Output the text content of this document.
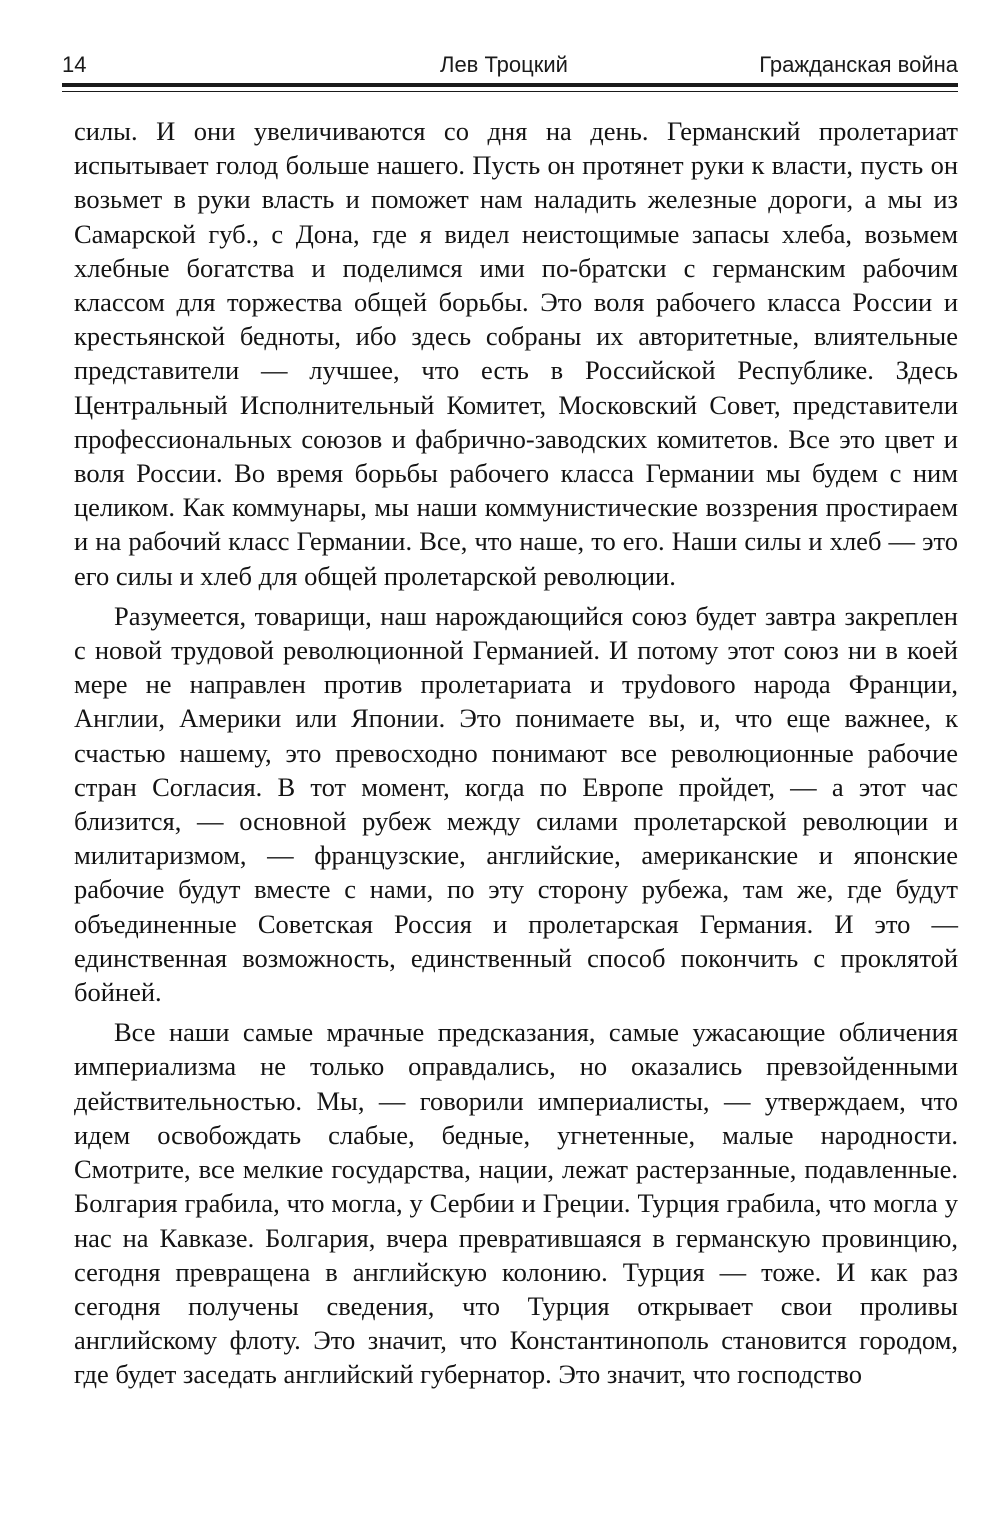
14	Лев Троцкий	Гражданская война

силы. И они увеличиваются со дня на день. Германский пролетариат испытывает голод больше нашего. Пусть он протянет руки к власти, пусть он возьмет в руки власть и поможет нам наладить железные дороги, а мы из Самарской губ., с Дона, где я видел неистощимые запасы хлеба, возьмем хлебные богатства и поделимся ими по-братски с германским рабочим классом для торжества общей борьбы. Это воля рабочего класса России и крестьянской бедноты, ибо здесь собраны их авторитетные, влиятельные представители — лучшее, что есть в Российской Республике. Здесь Центральный Исполнительный Комитет, Московский Совет, представители профессиональных союзов и фабрично-заводских комитетов. Все это цвет и воля России. Во время борьбы рабочего класса Германии мы будем с ним целиком. Как коммунары, мы наши коммунистические воззрения простираем и на рабочий класс Германии. Все, что наше, то его. Наши силы и хлеб — это его силы и хлеб для общей пролетарской революции.

Разумеется, товарищи, наш нарождающийся союз будет завтра закреплен с новой трудовой революционной Германией. И потому этот союз ни в коей мере не направлен против пролетариата и труdового народа Франции, Англии, Америки или Японии. Это понимаете вы, и, что еще важнее, к счастью нашему, это превосходно понимают все революционные рабочие стран Согласия. В тот момент, когда по Европе пройдет, — а этот час близится, — основной рубеж между силами пролетарской революции и милитаризмом, — французские, английские, американские и японские рабочие будут вместе с нами, по эту сторону рубежа, там же, где будут объединенные Советская Россия и пролетарская Германия. И это — единственная возможность, единственный способ покончить с проклятой бойней.

Все наши самые мрачные предсказания, самые ужасающие обличения империализма не только оправдались, но оказались превзойденными действительностью. Мы, — говорили империалисты, — утверждаем, что идем освобождать слабые, бедные, угнетенные, малые народности. Смотрите, все мелкие государства, нации, лежат растерзанные, подавленные. Болгария грабила, что могла, у Сербии и Греции. Турция грабила, что могла у нас на Кавказе. Болгария, вчера превратившаяся в германскую провинцию, сегодня превращена в английскую колонию. Турция — тоже. И как раз сегодня получены сведения, что Турция открывает свои проливы английскому флоту. Это значит, что Константинополь становится городом, где будет заседать английский губернатор. Это значит, что господство
